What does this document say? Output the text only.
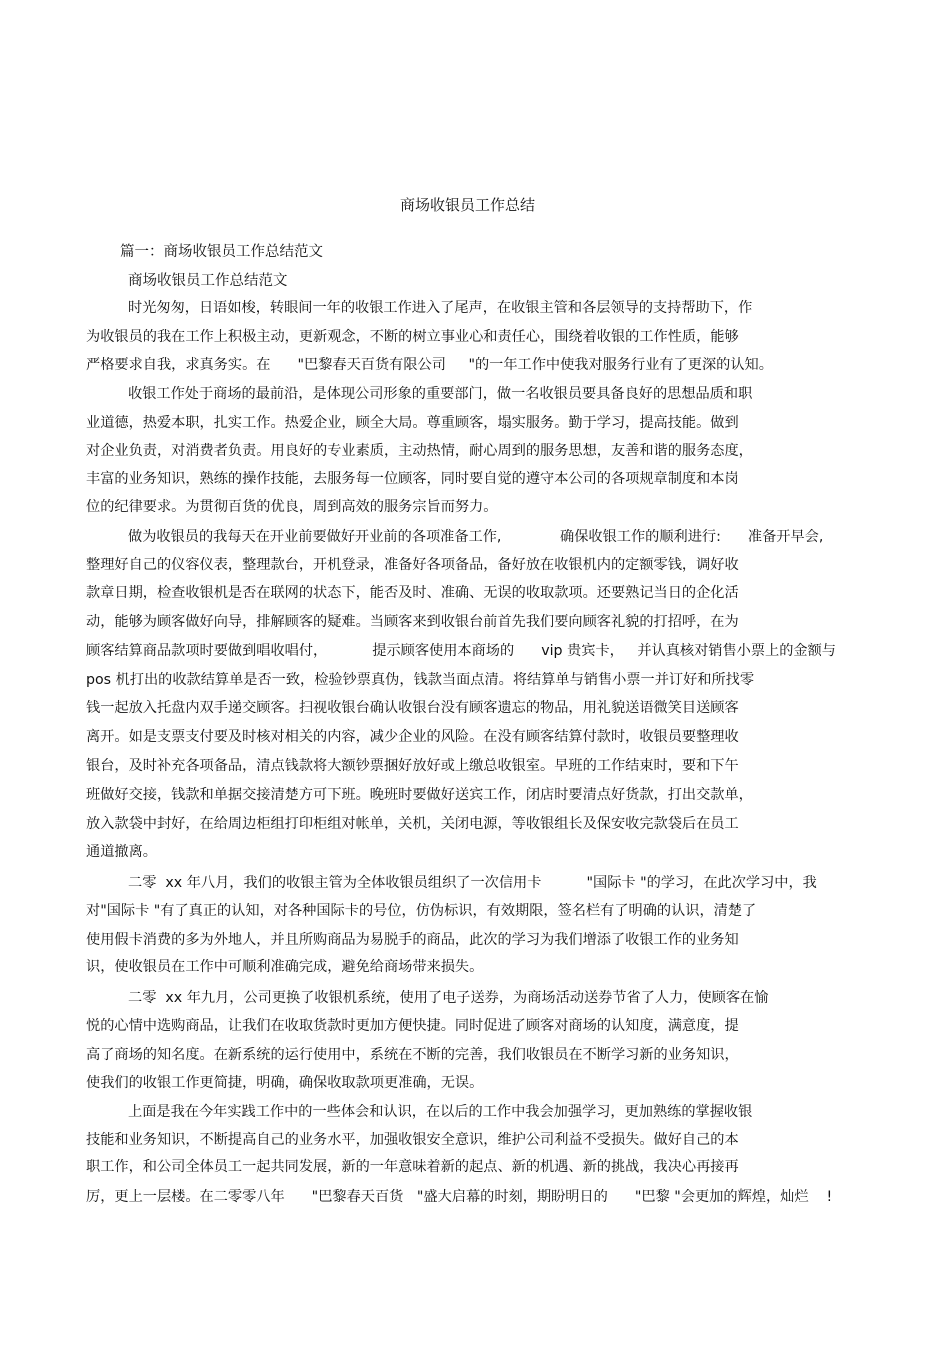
商场收银员工作总结
篇一：商场收银员工作总结范文
商场收银员工作总结范文
时光匆匆，日语如梭，转眼间一年的收银工作进入了尾声，在收银主管和各层领导的支持帮助下，作
为收银员的我在工作上积极主动，更新观念，不断的树立事业心和责任心，围绕着收银的工作性质，能够
严格要求自我，求真务实。在      "巴黎春天百货有限公司     "的一年工作中使我对服务行业有了更深的认知。
收银工作处于商场的最前沿，是体现公司形象的重要部门，做一名收银员要具备良好的思想品质和职
业道德，热爱本职，扎实工作。热爱企业，顾全大局。尊重顾客，塌实服务。勤于学习，提高技能。做到
对企业负责，对消费者负责。用良好的专业素质，主动热情，耐心周到的服务思想，友善和谐的服务态度，
丰富的业务知识，熟练的操作技能，去服务每一位顾客，同时要自觉的遵守本公司的各项规章制度和本岗
位的纪律要求。为贯彻百货的优良，周到高效的服务宗旨而努力。
做为收银员的我每天在开业前要做好开业前的各项准备工作,             确保收银工作的顺利进行:      准备开早会,
整理好自己的仪容仪表，整理款台，开机登录，准备好各项备品，备好放在收银机内的定额零钱，调好收
款章日期，检查收银机是否在联网的状态下，能否及时、准确、无误的收取款项。还要熟记当日的企化活
动，能够为顾客做好向导，排解顾客的疑难。当顾客来到收银台前首先我们要向顾客礼貌的打招呼，在为
顾客结算商品款项时要做到唱收唱付，          提示顾客使用本商场的      vip 贵宾卡，   并认真核对销售小票上的金额与
pos 机打出的收款结算单是否一致，检验钞票真伪，钱款当面点清。将结算单与销售小票一并订好和所找零
钱一起放入托盘内双手递交顾客。扫视收银台确认收银台没有顾客遗忘的物品，用礼貌送语微笑目送顾客
离开。如是支票支付要及时核对相关的内容，减少企业的风险。在没有顾客结算付款时，收银员要整理收
银台，及时补充各项备品，清点钱款将大额钞票捆好放好或上缴总收银室。早班的工作结束时，要和下午
班做好交接，钱款和单据交接清楚方可下班。晚班时要做好送宾工作，闭店时要清点好货款，打出交款单，
放入款袋中封好，在给周边柜组打印柜组对帐单，关机，关闭电源，等收银组长及保安收完款袋后在员工
通道撤离。
二零  xx 年八月，我们的收银主管为全体收银员组织了一次信用卡          "国际卡 "的学习，在此次学习中，我
对"国际卡 "有了真正的认知，对各种国际卡的号位，仿伪标识，有效期限，签名栏有了明确的认识，清楚了
使用假卡消费的多为外地人，并且所购商品为易脱手的商品，此次的学习为我们增添了收银工作的业务知
识，使收银员在工作中可顺利准确完成，避免给商场带来损失。
二零  xx 年九月，公司更换了收银机系统，使用了电子送券，为商场活动送券节省了人力，使顾客在愉
悦的心情中选购商品，让我们在收取货款时更加方便快捷。同时促进了顾客对商场的认知度，满意度，提
高了商场的知名度。在新系统的运行使用中，系统在不断的完善，我们收银员在不断学习新的业务知识，
使我们的收银工作更简捷，明确，确保收取款项更准确，无误。
上面是我在今年实践工作中的一些体会和认识，在以后的工作中我会加强学习，更加熟练的掌握收银
技能和业务知识，不断提高自己的业务水平，加强收银安全意识，维护公司利益不受损失。做好自己的本
职工作，和公司全体员工一起共同发展，新的一年意味着新的起点、新的机遇、新的挑战，我决心再接再
厉，更上一层楼。在二零零八年      "巴黎春天百货   "盛大启幕的时刻，期盼明日的      "巴黎 "会更加的辉煌，灿烂    !
